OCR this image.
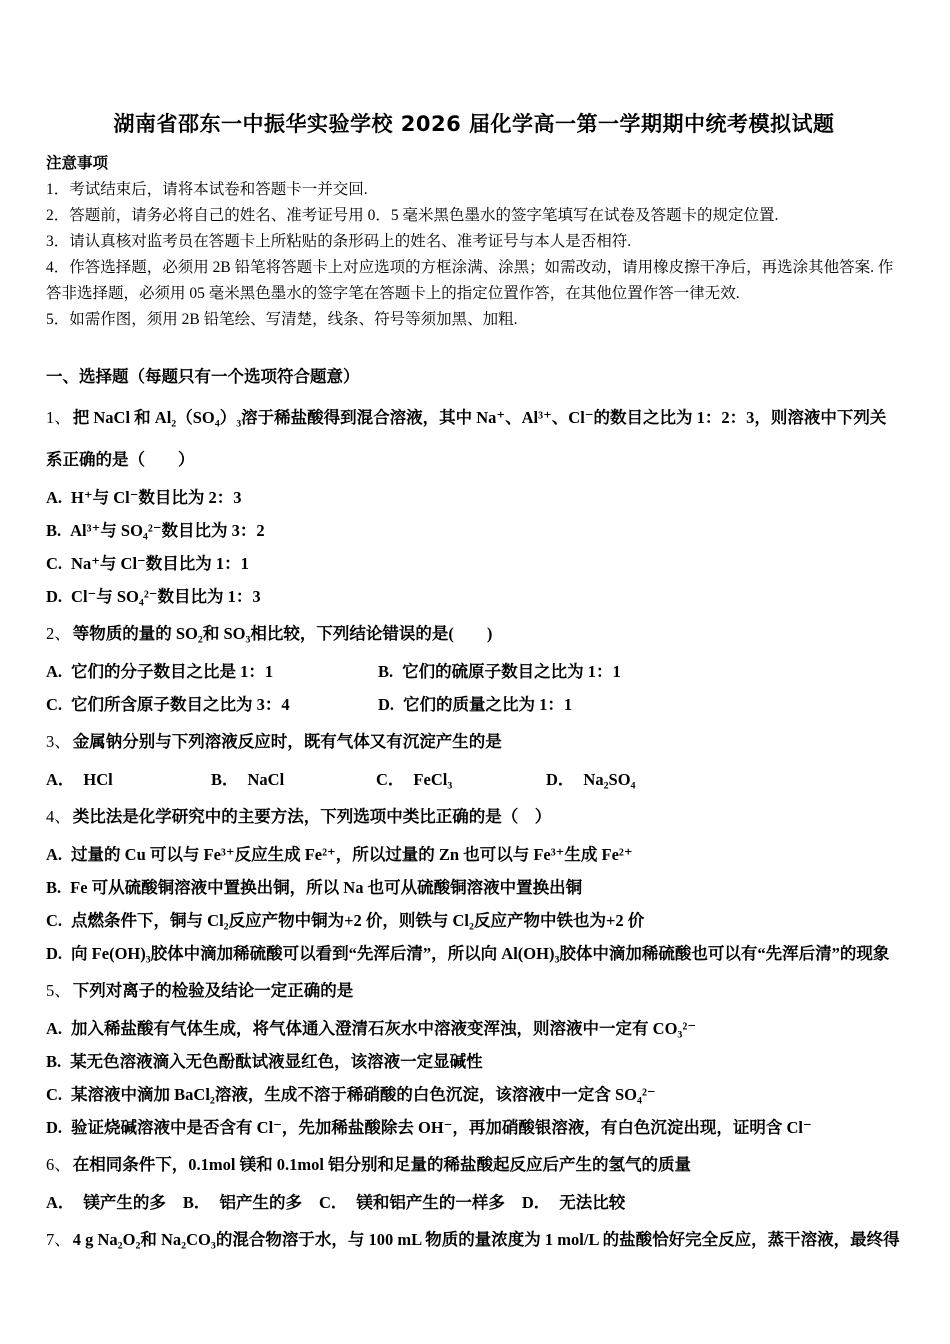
湖南省邵东一中振华实验学校 2026 届化学高一第一学期期中统考模拟试题

注意事项

1．考试结束后，请将本试卷和答题卡一并交回.

2．答题前，请务必将自己的姓名、准考证号用 0．5 毫米黑色墨水的签字笔填写在试卷及答题卡的规定位置.

3．请认真核对监考员在答题卡上所粘贴的条形码上的姓名、准考证号与本人是否相符.

4．作答选择题，必须用 2B 铅笔将答题卡上对应选项的方框涂满、涂黑；如需改动，请用橡皮擦干净后，再选涂其他答案. 作答非选择题，必须用 05 毫米黑色墨水的签字笔在答题卡上的指定位置作答，在其他位置作答一律无效.

5．如需作图，须用 2B 铅笔绘、写清楚，线条、符号等须加黑、加粗.

一、选择题（每题只有一个选项符合题意）

1、 把 NaCl 和 Al₂（SO₄）₃溶于稀盐酸得到混合溶液，其中 Na⁺、Al³⁺、Cl⁻的数目之比为 1：2：3，则溶液中下列关系正确的是（　　）

A. H⁺与 Cl⁻数目比为 2：3

B. Al³⁺与 SO₄²⁻数目比为 3：2

C. Na⁺与 Cl⁻数目比为 1：1

D. Cl⁻与 SO₄²⁻数目比为 1：3

2、 等物质的量的 SO₂和 SO₃相比较，下列结论错误的是(　　)

A. 它们的分子数目之比是 1：1	B. 它们的硫原子数目之比为 1：1

C. 它们所含原子数目之比为 3：4	D. 它们的质量之比为 1：1

3、 金属钠分别与下列溶液反应时，既有气体又有沉淀产生的是

A． HCl	B． NaCl	C． FeCl₃	D． Na₂SO₄

4、 类比法是化学研究中的主要方法，下列选项中类比正确的是（　）

A. 过量的 Cu 可以与 Fe³⁺反应生成 Fe²⁺，所以过量的 Zn 也可以与 Fe³⁺生成 Fe²⁺

B. Fe 可从硫酸铜溶液中置换出铜，所以 Na 也可从硫酸铜溶液中置换出铜

C. 点燃条件下，铜与 Cl₂反应产物中铜为+2 价，则铁与 Cl₂反应产物中铁也为+2 价

D. 向 Fe(OH)₃胶体中滴加稀硫酸可以看到“先浑后清”，所以向 Al(OH)₃胶体中滴加稀硫酸也可以有“先浑后清”的现象

5、 下列对离子的检验及结论一定正确的是

A. 加入稀盐酸有气体生成，将气体通入澄清石灰水中溶液变浑浊，则溶液中一定有 CO₃²⁻

B. 某无色溶液滴入无色酚酞试液显红色，该溶液一定显碱性

C. 某溶液中滴加 BaCl₂溶液，生成不溶于稀硝酸的白色沉淀，该溶液中一定含 SO₄²⁻

D. 验证烧碱溶液中是否含有 Cl⁻，先加稀盐酸除去 OH⁻，再加硝酸银溶液，有白色沉淀出现，证明含 Cl⁻

6、 在相同条件下，0.1mol 镁和 0.1mol 铝分别和足量的稀盐酸起反应后产生的氢气的质量

A． 镁产生的多 B． 铝产生的多 C． 镁和铝产生的一样多 D． 无法比较

7、 4 g Na₂O₂和 Na₂CO₃的混合物溶于水，与 100 mL 物质的量浓度为 1 mol/L 的盐酸恰好完全反应，蒸干溶液，最终得
